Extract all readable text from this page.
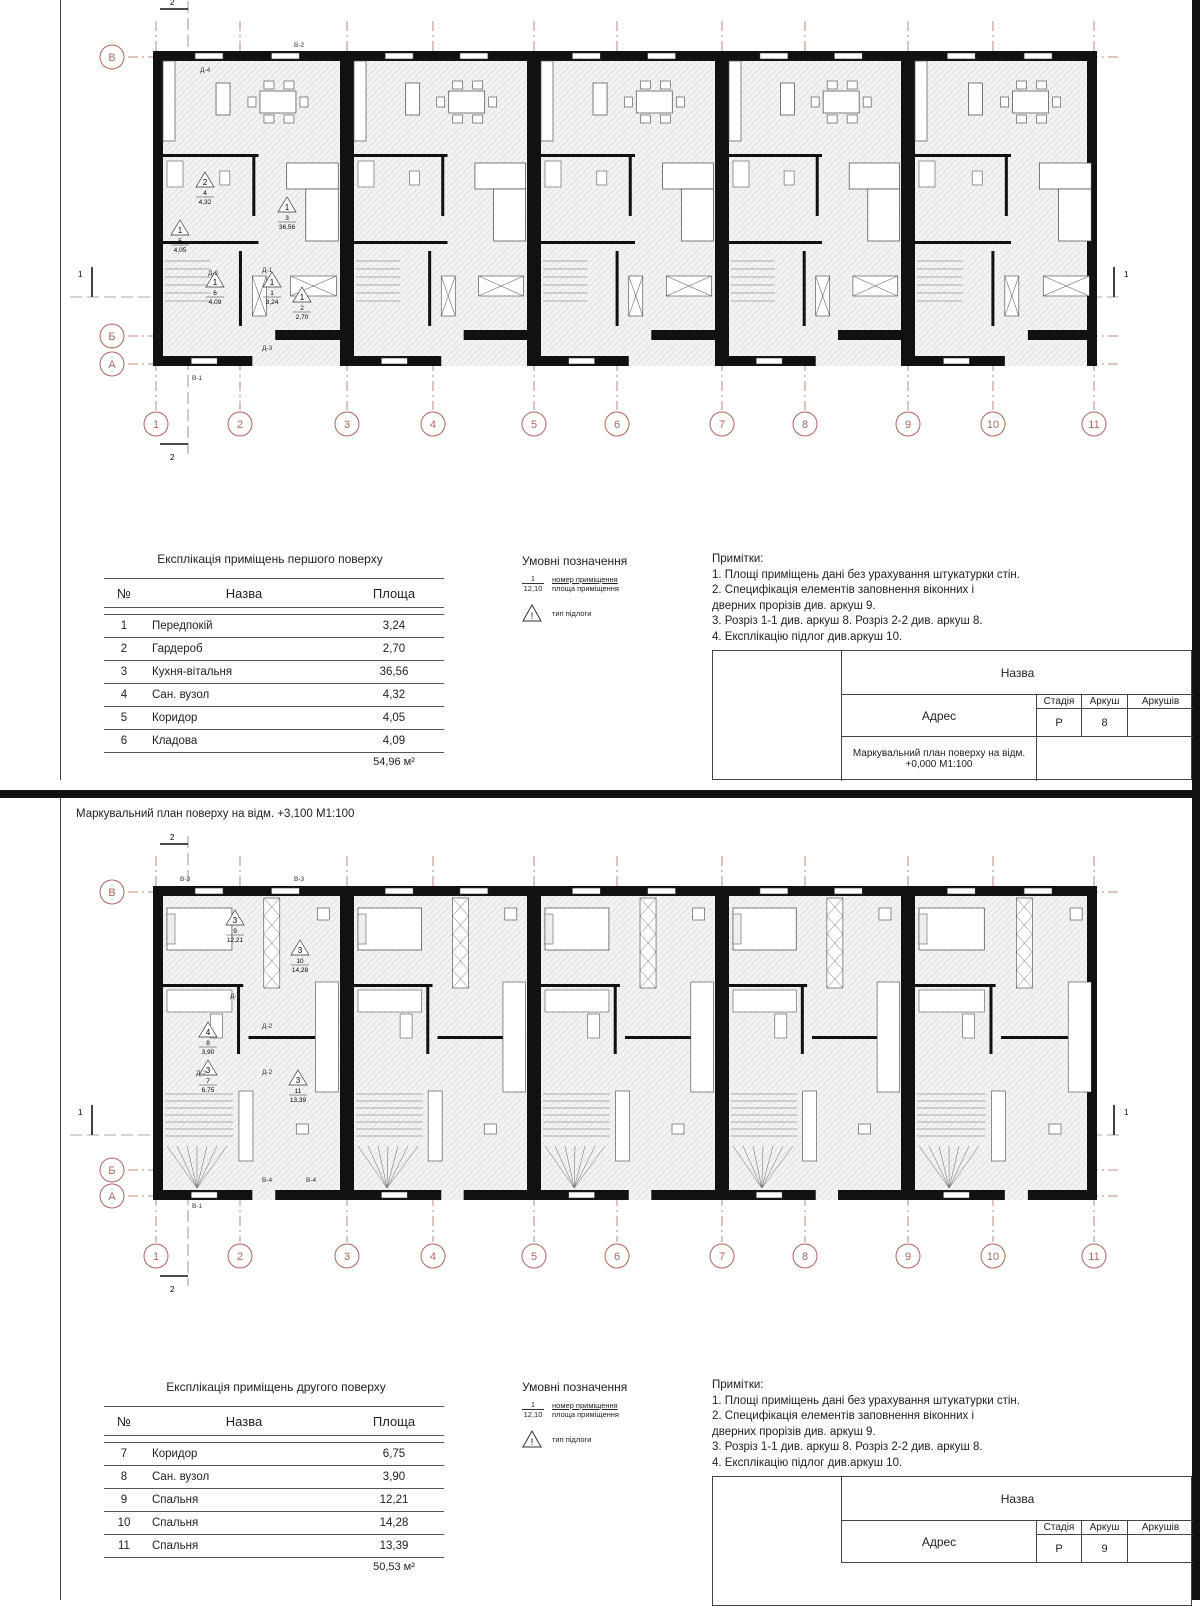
В
Б
А
1	2	3	4	5	6	7	8	9	10	11
1	1
2
2
2
4
4,32
1
5
4,05
1
3
36,56
1
6
4,09
1
1
3,24
1
2
2,70
В-2
В-1
Д-4
Д-2	Д-1
Д-3
Експлікація приміщень першого поверху
№	Назва	Площа

1	Передпокій	3,24
2	Гардероб	2,70
3	Кухня-вітальня	36,56
4	Сан. вузол	4,32
5	Коридор	4,05
6	Кладова	4,09
		54,96 м²
Умовні позначення
1	номер приміщення
12,10 площа приміщення
! тип підлоги
Примітки:
1. Площі приміщень дані без урахування штукатурки стін.
2. Специфікація елементів заповнення віконних і
дверних прорізів див. аркуш 9.
3. Розріз 1-1 див. аркуш 8. Розріз 2-2 див. аркуш 8.
4. Експлікацію підлог див.аркуш 10.
Назва
Адрес
Стадія	Аркуш	Аркушів
Р	8
Маркувальний план поверху на відм. +0,000 М1:100
Маркувальний план поверху на відм. +3,100 М1:100
В
Б
А
1	2	3	4	5	6	7	8	9	10	11
1	1
2
2
3
9
12,21
3
10
14,28
4
8
3,90
3
7
6,75
3
11
13,39
В-3	В-3
В-4	В-4
В-1
Д-2
Д-2
Д-2
Д-2
Експлікація приміщень другого поверху
№	Назва	Площа

7	Коридор	6,75
8	Сан. вузол	3,90
9	Спальня	12,21
10	Спальня	14,28
11	Спальня	13,39
		50,53 м²
Умовні позначення
1	номер приміщення
12,10 площа приміщення
! тип підлоги
Примітки:
1. Площі приміщень дані без урахування штукатурки стін.
2. Специфікація елементів заповнення віконних і
дверних прорізів див. аркуш 9.
3. Розріз 1-1 див. аркуш 8. Розріз 2-2 див. аркуш 8.
4. Експлікацію підлог див.аркуш 10.
Назва
Адрес
Стадія	Аркуш	Аркушів
Р	9
